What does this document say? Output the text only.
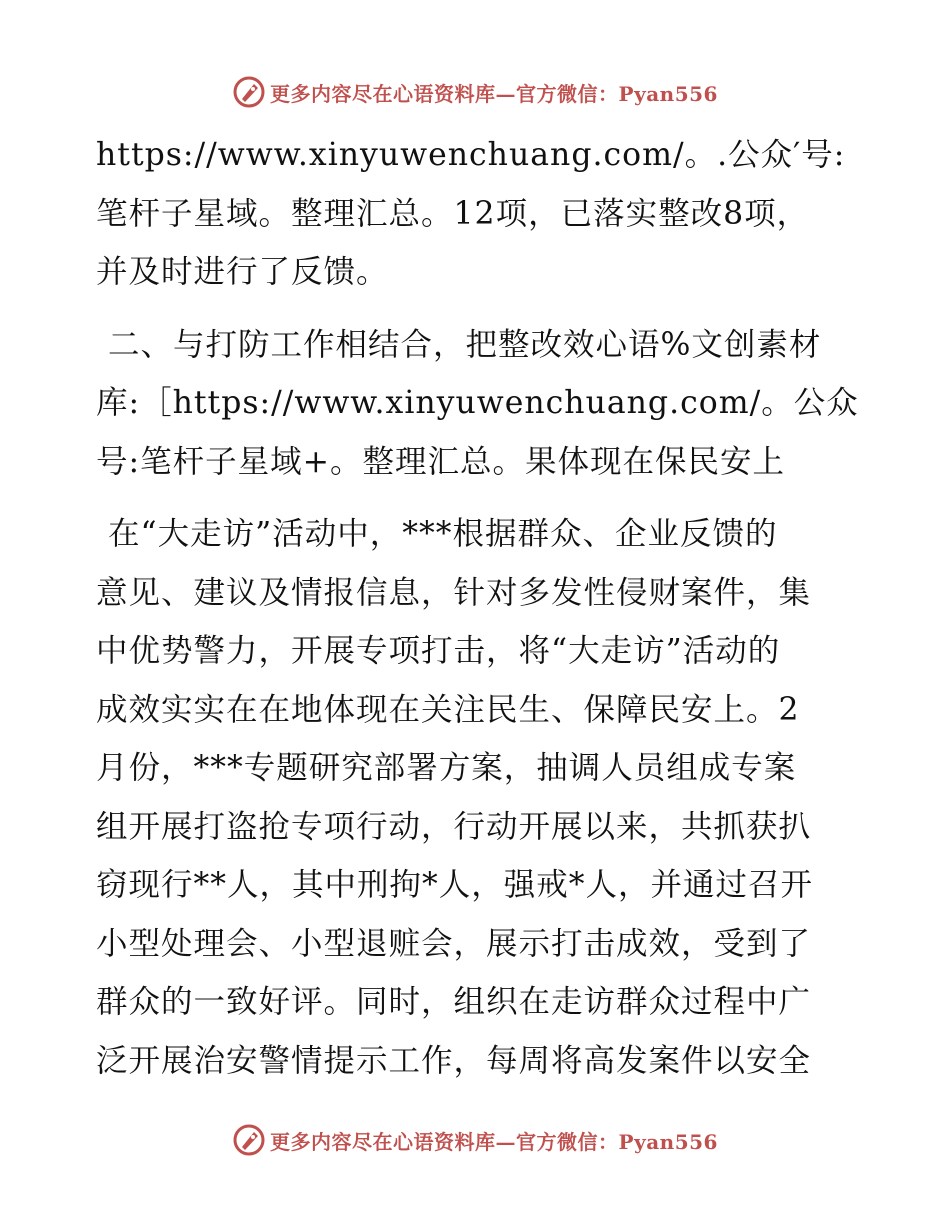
更多内容尽在心语资料库—官方微信：Pyan556
https://www.xinyuwenchuang.com/。.公众′号:
笔杆子星域。整理汇总。12项，已落实整改8项，
并及时进行了反馈。
二、与打防工作相结合，把整改效心语%文创素材
库:［https://www.xinyuwenchuang.com/。公众
号:笔杆子星域+。整理汇总。果体现在保民安上
在“大走访”活动中，***根据群众、企业反馈的
意见、建议及情报信息，针对多发性侵财案件，集
中优势警力，开展专项打击，将“大走访”活动的
成效实实在在地体现在关注民生、保障民安上。2
月份，***专题研究部署方案，抽调人员组成专案
组开展打盗抢专项行动，行动开展以来，共抓获扒
窃现行**人，其中刑拘*人，强戒*人，并通过召开
小型处理会、小型退赃会，展示打击成效，受到了
群众的一致好评。同时，组织在走访群众过程中广
泛开展治安警情提示工作，每周将高发案件以安全
更多内容尽在心语资料库—官方微信：Pyan556
